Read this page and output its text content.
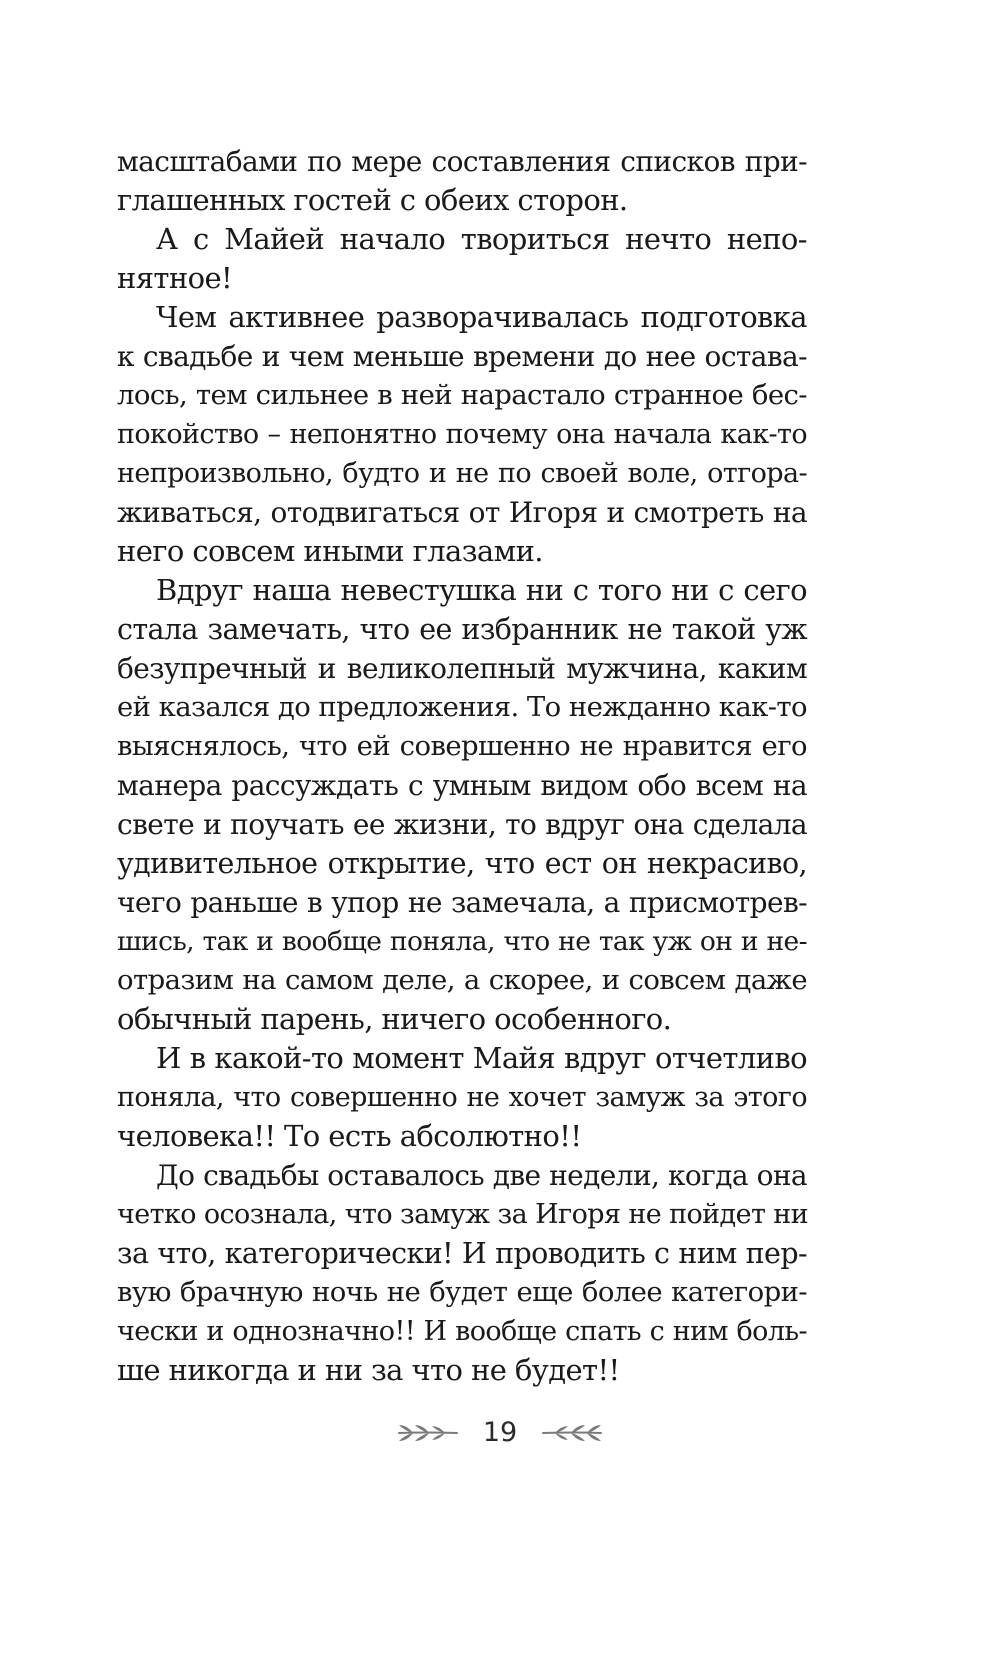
масштабами по мере составления списков при-
глашенных гостей с обеих сторон.
А с Майей начало твориться нечто непо-
нятное!
Чем активнее разворачивалась подготовка
к свадьбе и чем меньше времени до нее остава-
лось, тем сильнее в ней нарастало странное бес-
покойство – непонятно почему она начала как-то
непроизвольно, будто и не по своей воле, отгора-
живаться, отодвигаться от Игоря и смотреть на
него совсем иными глазами.
Вдруг наша невестушка ни с того ни с сего
стала замечать, что ее избранник не такой уж
безупречный и великолепный мужчина, каким
ей казался до предложения. То нежданно как-то
выяснялось, что ей совершенно не нравится его
манера рассуждать с умным видом обо всем на
свете и поучать ее жизни, то вдруг она сделала
удивительное открытие, что ест он некрасиво,
чего раньше в упор не замечала, а присмотрев-
шись, так и вообще поняла, что не так уж он и не-
отразим на самом деле, а скорее, и совсем даже
обычный парень, ничего особенного.
И в какой-то момент Майя вдруг отчетливо
поняла, что совершенно не хочет замуж за этого
человека!! То есть абсолютно!!
До свадьбы оставалось две недели, когда она
четко осознала, что замуж за Игоря не пойдет ни
за что, категорически! И проводить с ним пер-
вую брачную ночь не будет еще более категори-
чески и однозначно!! И вообще спать с ним боль-
ше никогда и ни за что не будет!!
19
